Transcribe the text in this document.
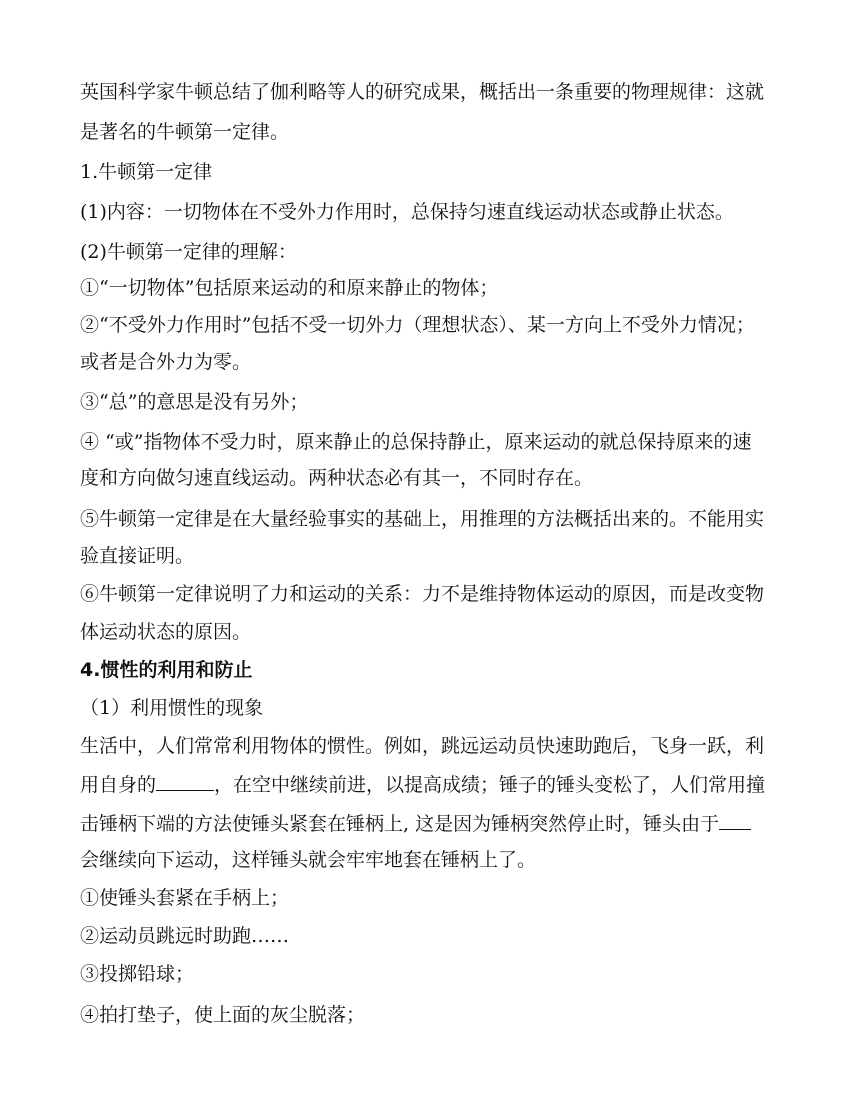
英国科学家牛顿总结了伽利略等人的研究成果，概括出一条重要的物理规律：这就
是著名的牛顿第一定律。
1.牛顿第一定律
(1)内容：一切物体在不受外力作用时，总保持匀速直线运动状态或静止状态。
(2)牛顿第一定律的理解：
①“一切物体”包括原来运动的和原来静止的物体；
②“不受外力作用时”包括不受一切外力（理想状态）、某一方向上不受外力情况；
或者是合外力为零。
③“总”的意思是没有另外；
④ “或”指物体不受力时，原来静止的总保持静止，原来运动的就总保持原来的速
度和方向做匀速直线运动。两种状态必有其一，不同时存在。
⑤牛顿第一定律是在大量经验事实的基础上，用推理的方法概括出来的。不能用实
验直接证明。
⑥牛顿第一定律说明了力和运动的关系：力不是维持物体运动的原因，而是改变物
体运动状态的原因。
4.惯性的利用和防止
（1）利用惯性的现象
生活中，人们常常利用物体的惯性。例如，跳远运动员快速助跑后，飞身一跃，利
用自身的	，在空中继续前进，以提高成绩；锤子的锤头变松了，人们常用撞
击锤柄下端的方法使锤头紧套在锤柄上, 这是因为锤柄突然停止时，锤头由于
会继续向下运动，这样锤头就会牢牢地套在锤柄上了。
①使锤头套紧在手柄上；
②运动员跳远时助跑……
③投掷铅球；
④拍打垫子，使上面的灰尘脱落；
